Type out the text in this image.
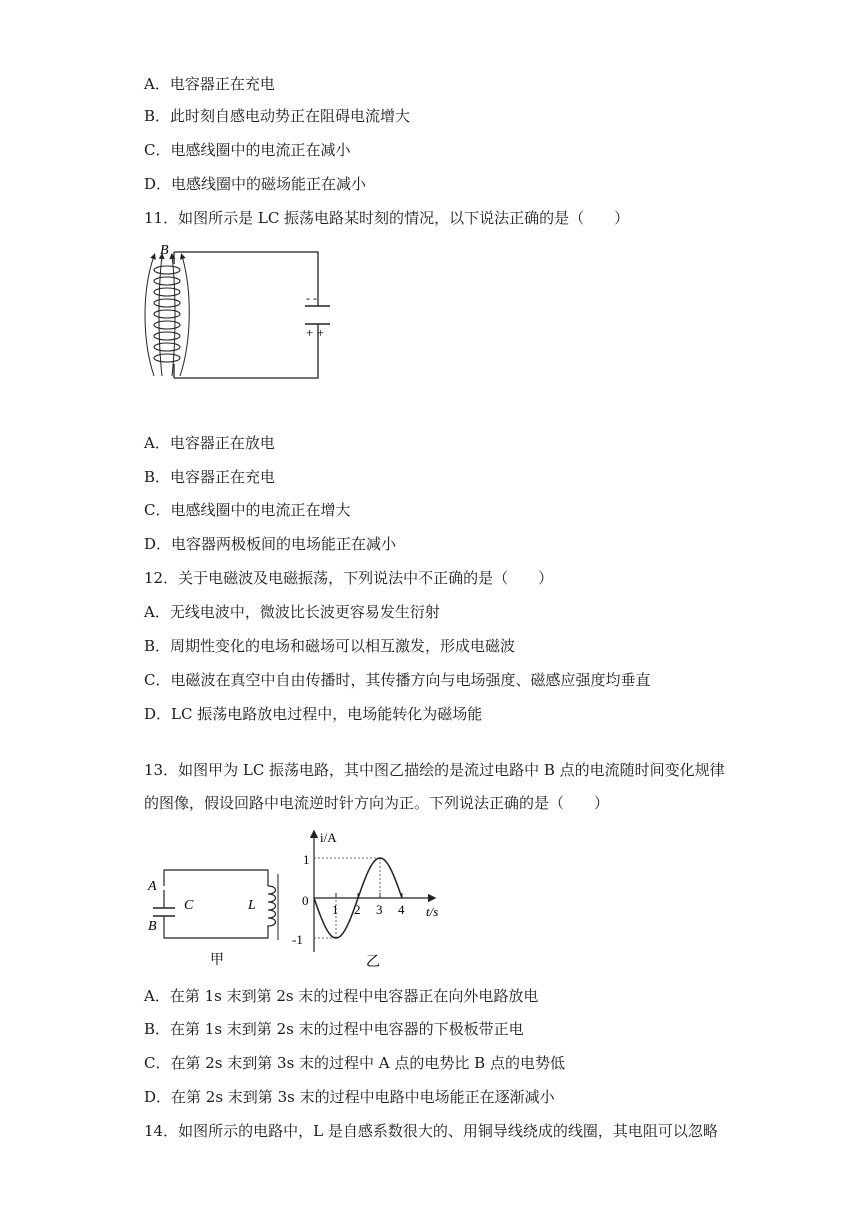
A．电容器正在充电
B．此时刻自感电动势正在阻碍电流增大
C．电感线圈中的电流正在减小
D．电感线圈中的磁场能正在减小
11．如图所示是 LC 振荡电路某时刻的情况，以下说法正确的是（　　）
- -
+ +
B
A．电容器正在放电
B．电容器正在充电
C．电感线圈中的电流正在增大
D．电容器两极板间的电场能正在减小
12．关于电磁波及电磁振荡，下列说法中不正确的是（　　）
A．无线电波中，微波比长波更容易发生衍射
B．周期性变化的电场和磁场可以相互激发，形成电磁波
C．电磁波在真空中自由传播时，其传播方向与电场强度、磁感应强度均垂直
D．LC 振荡电路放电过程中，电场能转化为磁场能
13．如图甲为 LC 振荡电路，其中图乙描绘的是流过电路中 B 点的电流随时间变化规律
的图像，假设回路中电流逆时针方向为正。下列说法正确的是（　　）
A
B
C	L
甲
i/A
t/s
0
1
-1
1 2 3 4
乙
A．在第 1s 末到第 2s 末的过程中电容器正在向外电路放电
B．在第 1s 末到第 2s 末的过程中电容器的下极板带正电
C．在第 2s 末到第 3s 末的过程中 A 点的电势比 B 点的电势低
D．在第 2s 末到第 3s 末的过程中电路中电场能正在逐渐减小
14．如图所示的电路中，L 是自感系数很大的、用铜导线绕成的线圈，其电阻可以忽略
